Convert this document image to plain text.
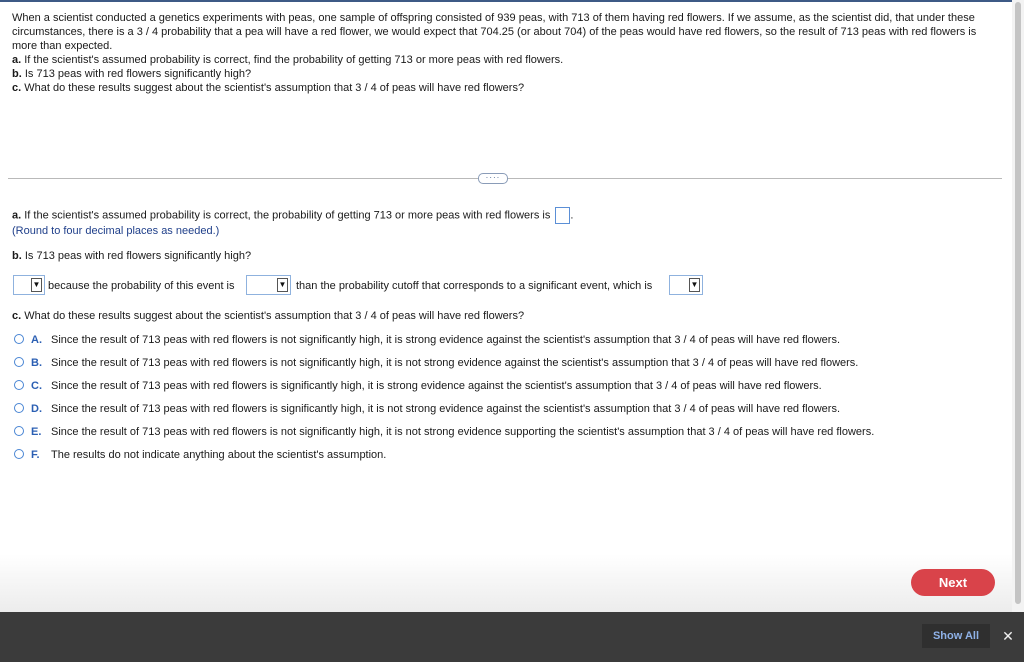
When a scientist conducted a genetics experiments with peas, one sample of offspring consisted of 939 peas, with 713 of them having red flowers. If we assume, as the scientist did, that under these circumstances, there is a 3 / 4 probability that a pea will have a red flower, we would expect that 704.25 (or about 704) of the peas would have red flowers, so the result of 713 peas with red flowers is more than expected.

a. If the scientist's assumed probability is correct, find the probability of getting 713 or more peas with red flowers.

b. Is 713 peas with red flowers significantly high?

c. What do these results suggest about the scientist's assumption that 3 / 4 of peas will have red flowers?

····
a. If the scientist's assumed probability is correct, the probability of getting 713 or more peas with red flowers is .
(Round to four decimal places as needed.)
b. Is 713 peas with red flowers significantly high?
▼ because the probability of this event is	▼ than the probability cutoff that corresponds to a significant event, which is	▼
c. What do these results suggest about the scientist's assumption that 3 / 4 of peas will have red flowers?
A. Since the result of 713 peas with red flowers is not significantly high, it is strong evidence against the scientist's assumption that 3 / 4 of peas will have red flowers.
B. Since the result of 713 peas with red flowers is not significantly high, it is not strong evidence against the scientist's assumption that 3 / 4 of peas will have red flowers.
C. Since the result of 713 peas with red flowers is significantly high, it is strong evidence against the scientist's assumption that 3 / 4 of peas will have red flowers.
D. Since the result of 713 peas with red flowers is significantly high, it is not strong evidence against the scientist's assumption that 3 / 4 of peas will have red flowers.
E. Since the result of 713 peas with red flowers is not significantly high, it is not strong evidence supporting the scientist's assumption that 3 / 4 of peas will have red flowers.
F. The results do not indicate anything about the scientist's assumption.
Next
Show All	✕
